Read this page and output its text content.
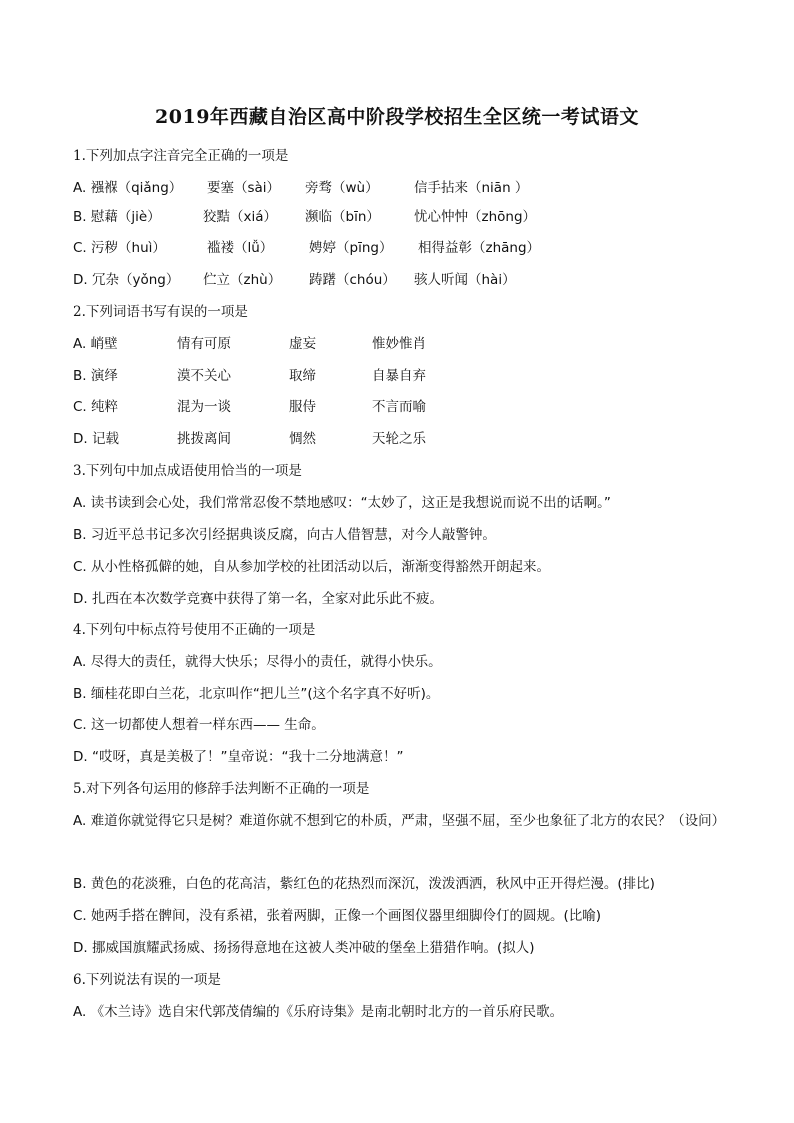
2019年西藏自治区高中阶段学校招生全区统一考试语文
1.下列加点字注音完全正确的一项是
A. 襁褓（qiǎng） 要塞（sài） 旁骛（wù）	信手拈来（niān ）
B. 慰藉（jiè）	狡黠（xiá） 濒临（bīn）	忧心忡忡（zhōng）
C. 污秽（huì）	褴褛（lǚ）	娉婷（pīng） 相得益彰（zhāng）
D. 冗杂（yǒng） 伫立（zhù） 踌躇（chóu） 骇人听闻（hài）
2.下列词语书写有误的一项是
A. 峭壁	情有可原	虚妄	惟妙惟肖
B. 演绎	漠不关心	取缔	自暴自弃
C. 纯粹	混为一谈	服侍	不言而喻
D. 记载	挑拨离间	惆然	天轮之乐
3.下列句中加点成语使用恰当的一项是
A. 读书读到会心处，我们常常忍俊不禁地感叹：“太妙了，这正是我想说而说不出的话啊。”
B. 习近平总书记多次引经据典谈反腐，向古人借智慧，对今人敲警钟。
C. 从小性格孤僻的她，自从参加学校的社团活动以后，渐渐变得豁然开朗起来。
D. 扎西在本次数学竞赛中获得了第一名，全家对此乐此不疲。
4.下列句中标点符号使用不正确的一项是
A. 尽得大的责任，就得大快乐；尽得小的责任，就得小快乐。
B. 缅桂花即白兰花，北京叫作“把儿兰”(这个名字真不好听)。
C. 这一切都使人想着一样东西—— 生命。
D. “哎呀，真是美极了！”皇帝说：“我十二分地满意！”
5.对下列各句运用的修辞手法判断不正确的一项是
A. 难道你就觉得它只是树？难道你就不想到它的朴质，严肃，坚强不屈，至少也象征了北方的农民？（设问）
B. 黄色的花淡雅，白色的花高洁，紫红色的花热烈而深沉，泼泼洒洒，秋风中正开得烂漫。(排比)
C. 她两手搭在髀间，没有系裙，张着两脚，正像一个画图仪器里细脚伶仃的圆规。(比喻)
D. 挪威国旗耀武扬威、扬扬得意地在这被人类冲破的堡垒上猎猎作响。(拟人)
6.下列说法有误的一项是
A. 《木兰诗》选自宋代郭茂倩编的《乐府诗集》是南北朝时北方的一首乐府民歌。
